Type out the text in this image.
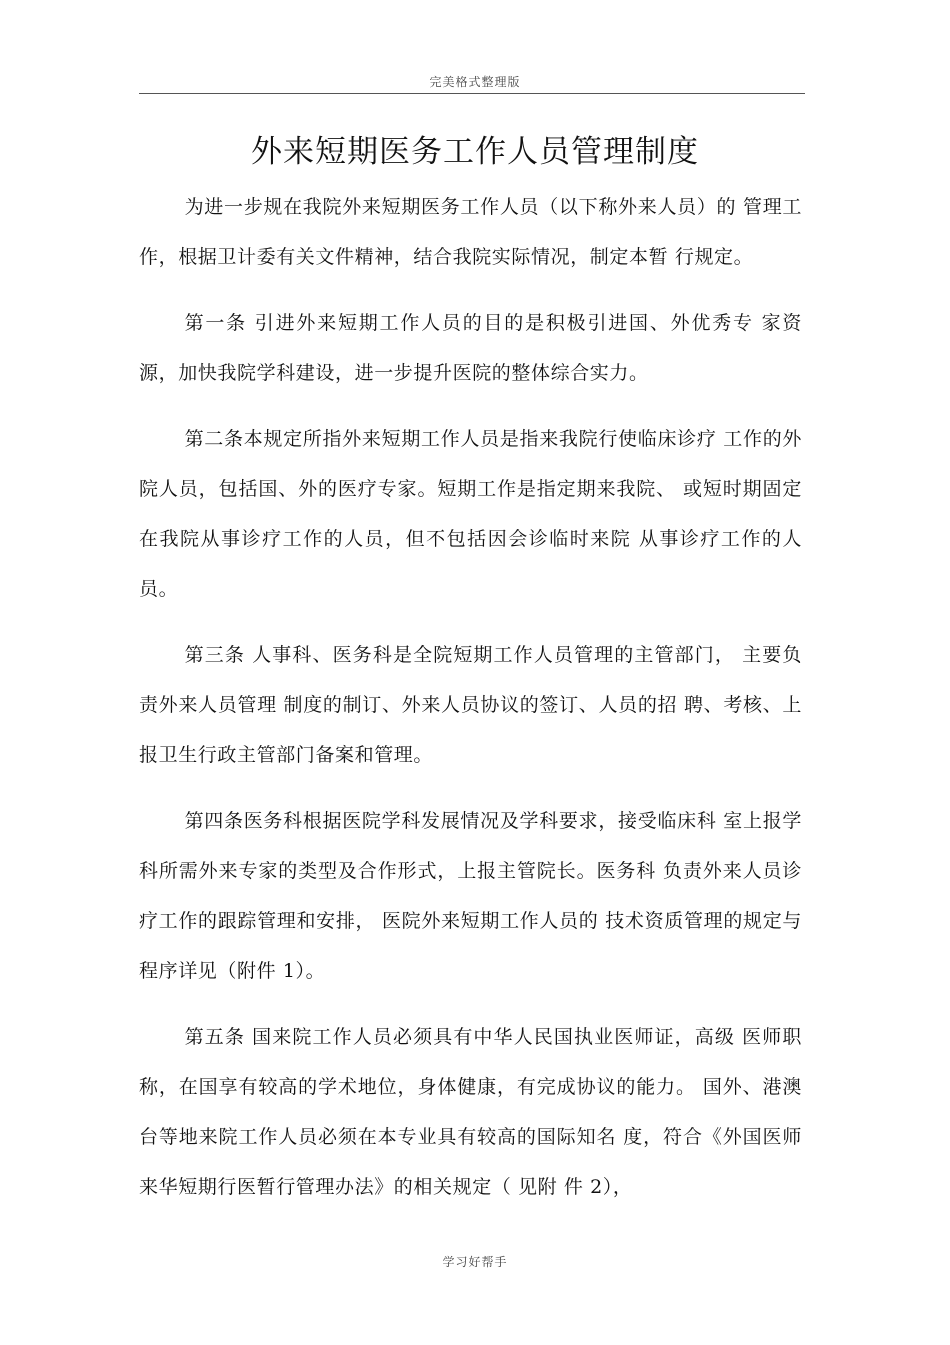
完美格式整理版
外来短期医务工作人员管理制度

为进一步规在我院外来短期医务工作人员（以下称外来人员）的 管理工作，根据卫计委有关文件精神，结合我院实际情况，制定本暂 行规定。

第一条 引进外来短期工作人员的目的是积极引进国、外优秀专 家资源，加快我院学科建设，进一步提升医院的整体综合实力。

第二条本规定所指外来短期工作人员是指来我院行使临床诊疗 工作的外院人员，包括国、外的医疗专家。短期工作是指定期来我院、 或短时期固定在我院从事诊疗工作的人员，但不包括因会诊临时来院 从事诊疗工作的人员。

第三条 人事科、医务科是全院短期工作人员管理的主管部门， 主要负责外来人员管理 制度的制订、外来人员协议的签订、人员的招 聘、考核、上报卫生行政主管部门备案和管理。

第四条医务科根据医院学科发展情况及学科要求，接受临床科 室上报学科所需外来专家的类型及合作形式，上报主管院长。医务科 负责外来人员诊疗工作的跟踪管理和安排， 医院外来短期工作人员的 技术资质管理的规定与程序详见（附件 1）。

第五条 国来院工作人员必须具有中华人民国执业医师证，高级 医师职称，在国享有较高的学术地位，身体健康，有完成协议的能力。 国外、港澳台等地来院工作人员必须在本专业具有较高的国际知名 度，符合《外国医师来华短期行医暂行管理办法》的相关规定（ 见附 件 2），

学习好帮手
